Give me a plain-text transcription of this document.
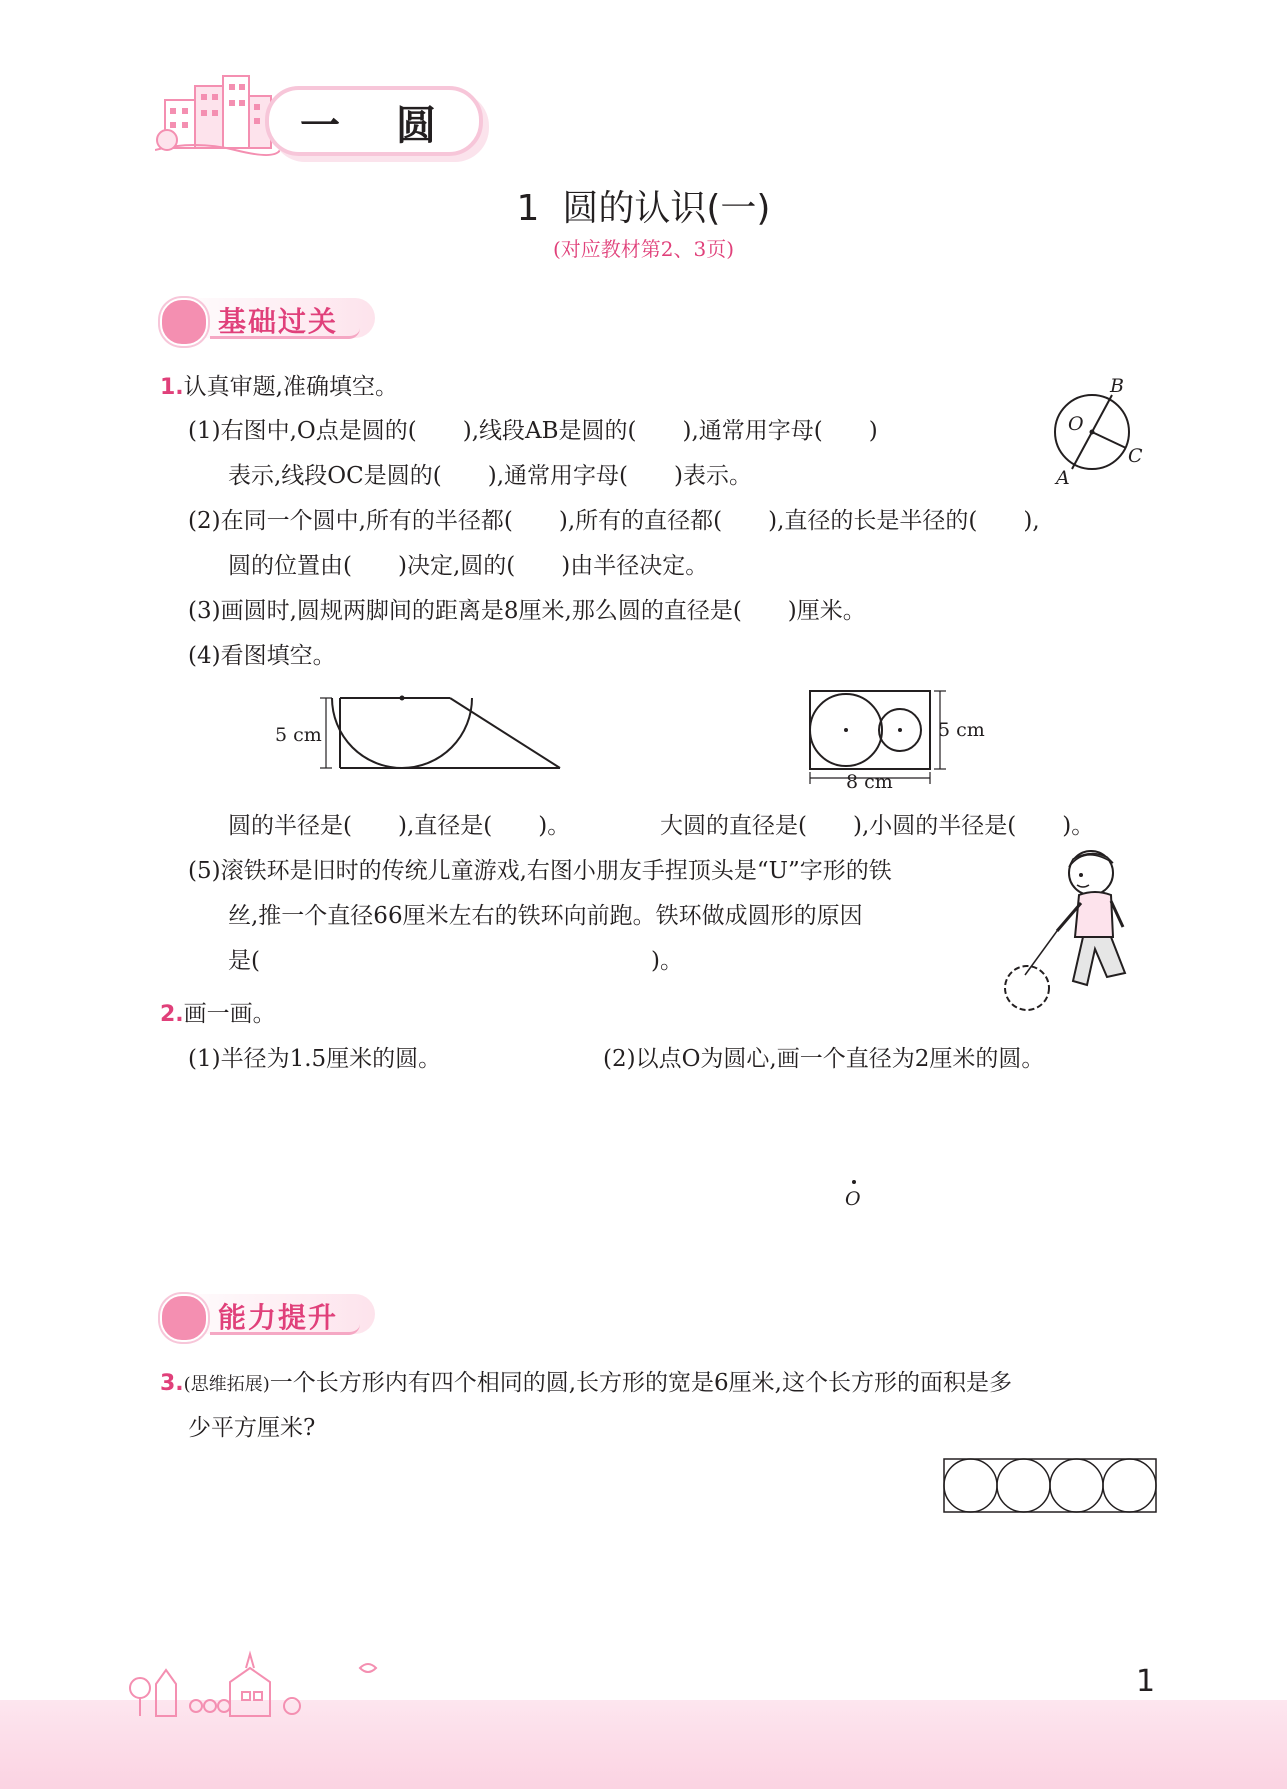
一　圆
1  圆的认识(一)
(对应教材第2、3页)
基础过关
1.认真审题,准确填空。
(1)右图中,O点是圆的(　　),线段AB是圆的(　　),通常用字母(　　)
表示,线段OC是圆的(　　),通常用字母(　　)表示。
O
A
B
C
(2)在同一个圆中,所有的半径都(　　),所有的直径都(　　),直径的长是半径的(　　),
圆的位置由(　　)决定,圆的(　　)由半径决定。
(3)画圆时,圆规两脚间的距离是8厘米,那么圆的直径是(　　)厘米。
(4)看图填空。
5 cm	5 cm
8 cm
圆的半径是(　　),直径是(　　)。	大圆的直径是(　　),小圆的半径是(　　)。
(5)滚铁环是旧时的传统儿童游戏,右图小朋友手捏顶头是“U”字形的铁
丝,推一个直径66厘米左右的铁环向前跑。铁环做成圆形的原因
是(　　　　　　　　　　　　　　　　　)。
2.画一画。
(1)半径为1.5厘米的圆。	(2)以点O为圆心,画一个直径为2厘米的圆。
O
能力提升
3.(思维拓展)一个长方形内有四个相同的圆,长方形的宽是6厘米,这个长方形的面积是多
少平方厘米?
1
